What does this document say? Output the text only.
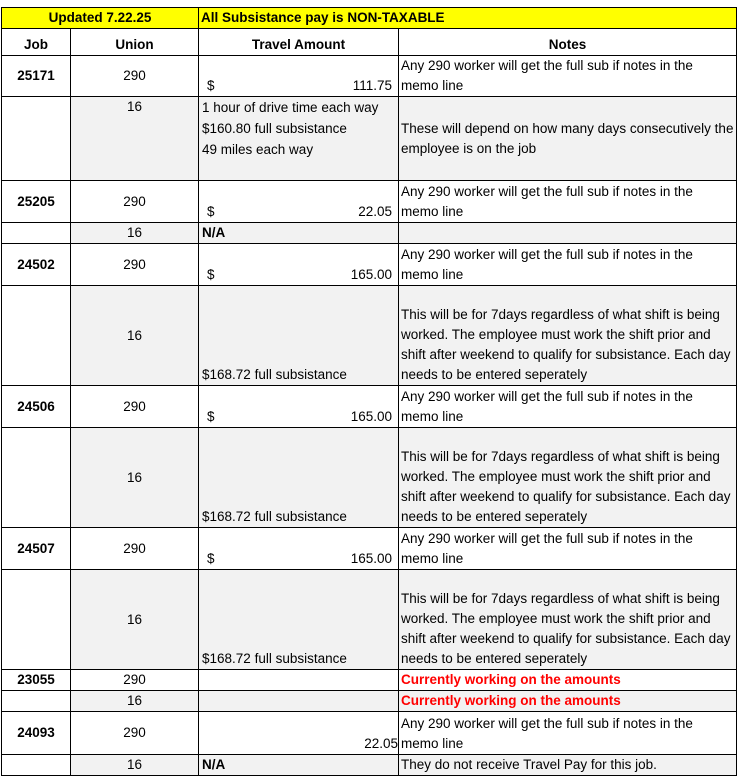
Updated 7.22.25		All Subsistance pay is NON-TAXABLE	
Job	Union	Travel Amount	Notes
25171	290	$ 111.75	Any 290 worker will get the full sub if notes in the memo line
	16	1 hour of drive time each way
$160.80 full subsistance
49 miles each way	These will depend on how many days consecutively the employee is on the job
25205	290	$ 22.05	Any 290 worker will get the full sub if notes in the memo line
	16	N/A	
24502	290	$ 165.00	Any 290 worker will get the full sub if notes in the memo line
	16	$168.72 full subsistance	This will be for 7days regardless of what shift is being worked. The employee must work the shift prior and shift after weekend to qualify for subsistance. Each day needs to be entered seperately
24506	290	$ 165.00	Any 290 worker will get the full sub if notes in the memo line
	16	$168.72 full subsistance	This will be for 7days regardless of what shift is being worked. The employee must work the shift prior and shift after weekend to qualify for subsistance. Each day needs to be entered seperately
24507	290	$ 165.00	Any 290 worker will get the full sub if notes in the memo line
	16	$168.72 full subsistance	This will be for 7days regardless of what shift is being worked. The employee must work the shift prior and shift after weekend to qualify for subsistance. Each day needs to be entered seperately
23055	290		Currently working on the amounts
	16		Currently working on the amounts
24093	290	22.05	Any 290 worker will get the full sub if notes in the memo line
	16	N/A	They do not receive Travel Pay for this job.
